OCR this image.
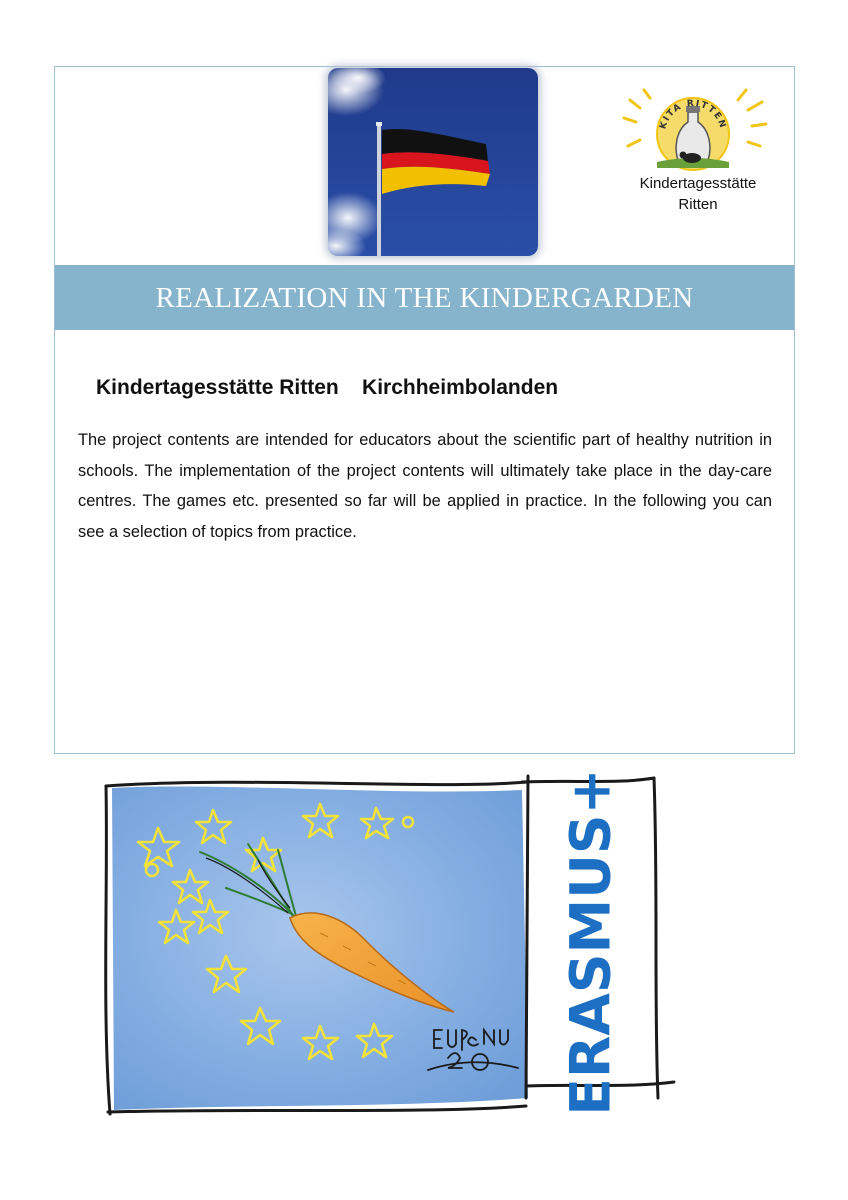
KITA RITTEN
Kindertagesstätte
Ritten
REALIZATION IN THE KINDERGARDEN
Kindertagesstätte Ritten    Kirchheimbolanden
The project contents are intended for educators about the scientific part of healthy nutrition in schools. The implementation of the project contents will ultimately take place in the day-care centres. The games etc. presented so far will be applied in practice. In the following you can see a selection of topics from practice.
ERASMUS+
